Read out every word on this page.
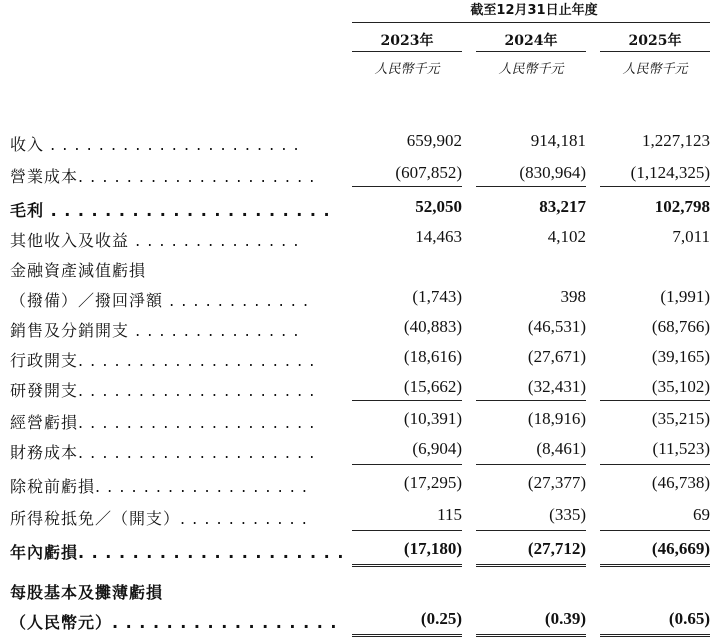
截至12月31日止年度
2023年	2024年	2025年
人民幣千元	人民幣千元	人民幣千元
收入 . . . . . . . . . . . . . . . . . . . . .	659,902	914,181	1,227,123
營業成本. . . . . . . . . . . . . . . . . . . .	(607,852)	(830,964)	(1,124,325)
毛利 . . . . . . . . . . . . . . . . . . . . .	52,050	83,217	102,798
其他收入及收益 . . . . . . . . . . . . . .	14,463	4,102	7,011
金融資產減值虧損
（撥備）／撥回淨額 . . . . . . . . . . . .	(1,743)	398	(1,991)
銷售及分銷開支 . . . . . . . . . . . . . .	(40,883)	(46,531)	(68,766)
行政開支. . . . . . . . . . . . . . . . . . . .	(18,616)	(27,671)	(39,165)
研發開支. . . . . . . . . . . . . . . . . . . .	(15,662)	(32,431)	(35,102)
經營虧損. . . . . . . . . . . . . . . . . . . .	(10,391)	(18,916)	(35,215)
財務成本. . . . . . . . . . . . . . . . . . . .	(6,904)	(8,461)	(11,523)
除稅前虧損. . . . . . . . . . . . . . . . . .	(17,295)	(27,377)	(46,738)
所得稅抵免／（開支）. . . . . . . . . . .	115	(335)	69
年內虧損. . . . . . . . . . . . . . . . . . . .	(17,180)	(27,712)	(46,669)
每股基本及攤薄虧損
（人民幣元）. . . . . . . . . . . . . . . . .	(0.25)	(0.39)	(0.65)
